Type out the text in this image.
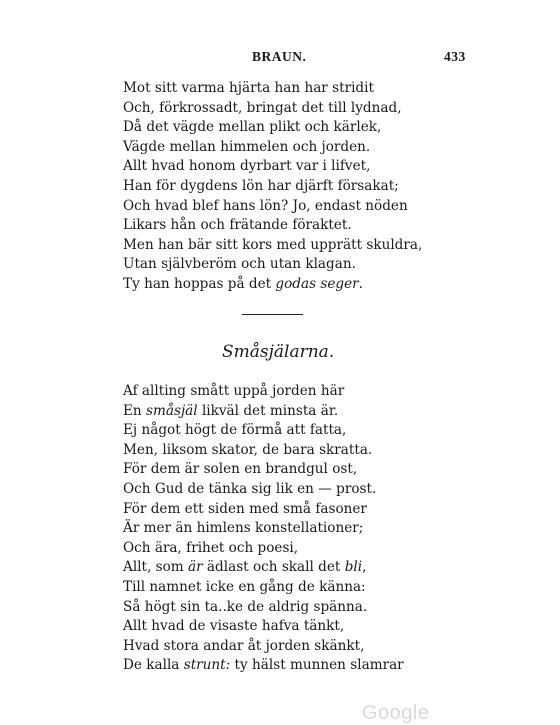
BRAUN.	433
Mot sitt varma hjärta han har stridit
Och, förkrossadt, bringat det till lydnad,
Då det vägde mellan plikt och kärlek,
Vägde mellan himmelen och jorden.
Allt hvad honom dyrbart var i lifvet,
Han för dygdens lön har djärft försakat;
Och hvad blef hans lön? Jo, endast nöden
Likars hån och frätande föraktet.
Men han bär sitt kors med upprätt skuldra,
Utan självberöm och utan klagan.
Ty han hoppas på det godas seger.
Småsjälarna.
Af allting smått uppå jorden här
En småsjäl likväl det minsta är.
Ej något högt de förmå att fatta,
Men, liksom skator, de bara skratta.
För dem är solen en brandgul ost,
Och Gud de tänka sig lik en — prost.
För dem ett siden med små fasoner
Är mer än himlens konstellationer;
Och ära, frihet och poesi,
Allt, som är ädlast och skall det bli,
Till namnet icke en gång de känna:
Så högt sin ta..ke de aldrig spänna.
Allt hvad de visaste hafva tänkt,
Hvad stora andar åt jorden skänkt,
De kalla strunt: ty hälst munnen slamrar
Google
